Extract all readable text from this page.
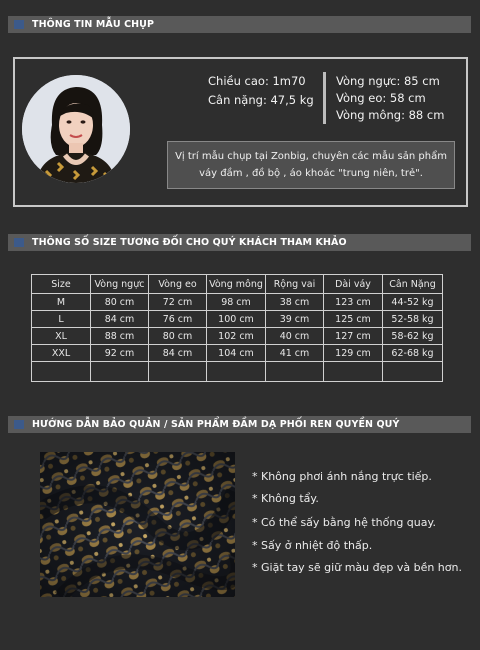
THÔNG TIN MẪU CHỤP
Chiều cao: 1m70
Cân nặng: 47,5 kg
Vòng ngực: 85 cm
Vòng eo: 58 cm
Vòng mông: 88 cm
Vị trí mẫu chụp tại Zonbig, chuyên các mẫu sản phẩm
váy đầm , đồ bộ , áo khoác "trung niên, trẻ".
THÔNG SỐ SIZE TƯƠNG ĐỐI CHO QUÝ KHÁCH THAM KHẢO
Size	Vòng ngực	Vòng eo	Vòng mông	Rộng vai	Dài váy	Cân Nặng
M	80 cm	72 cm	98 cm	38 cm	123 cm	44-52 kg
L	84 cm	76 cm	100 cm	39 cm	125 cm	52-58 kg
XL	88 cm	80 cm	102 cm	40 cm	127 cm	58-62 kg
XXL	92 cm	84 cm	104 cm	41 cm	129 cm	62-68 kg

HƯỚNG DẪN BẢO QUẢN / SẢN PHẨM ĐẦM DẠ PHỐI REN QUYỀN QUÝ
* Không phơi ánh nắng trực tiếp.
* Không tẩy.
* Có thể sấy bằng hệ thống quay.
* Sấy ở nhiệt độ thấp.
* Giặt tay sẽ giữ màu đẹp và bền hơn.
